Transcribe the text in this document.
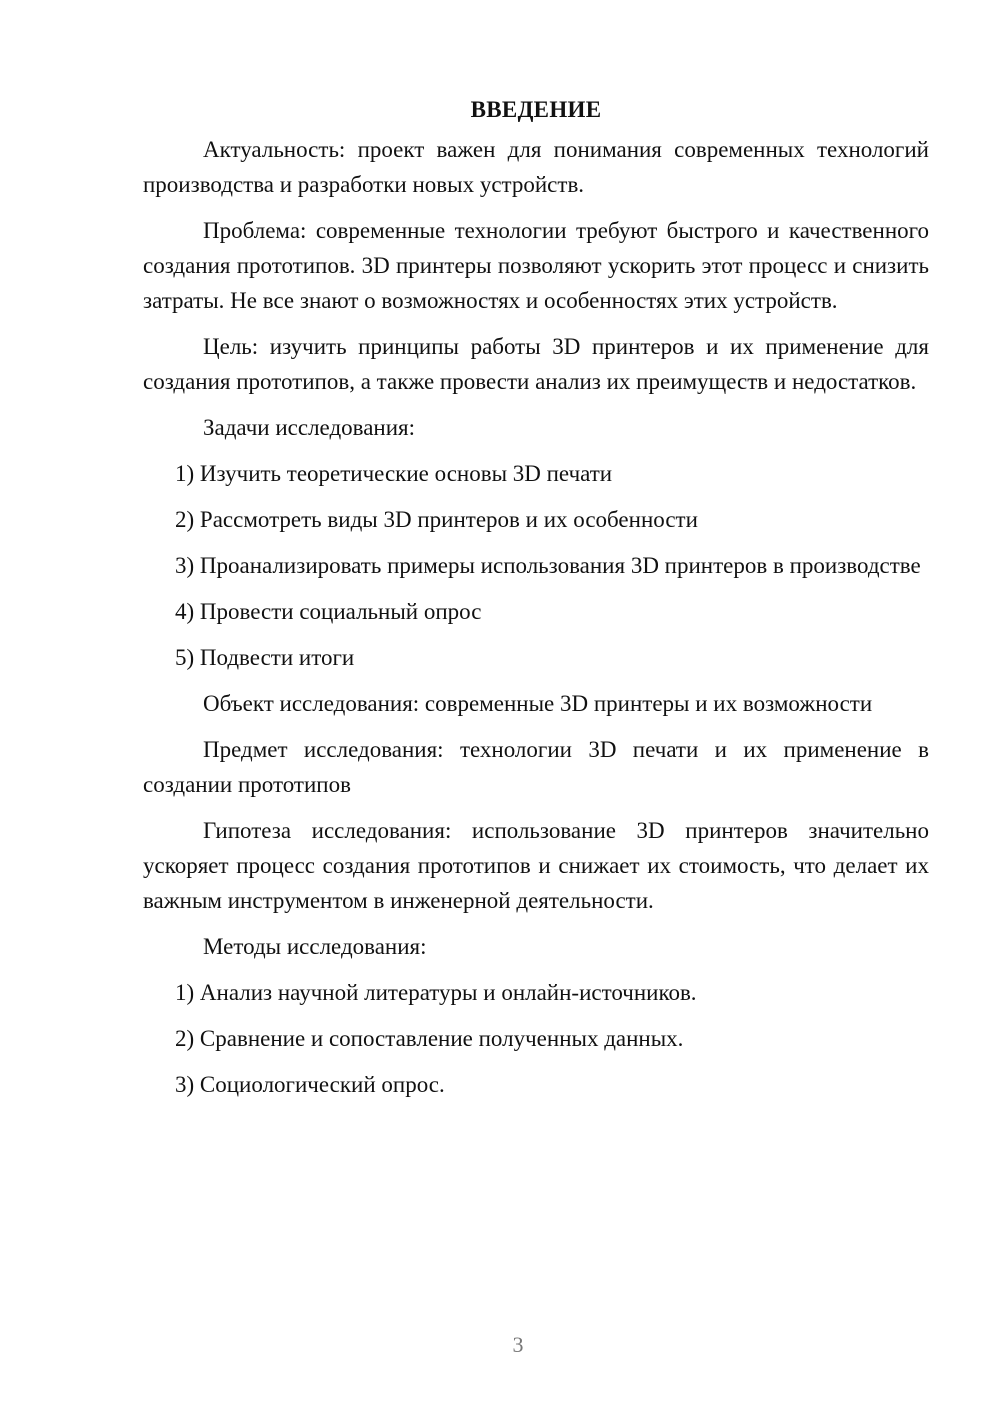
ВВЕДЕНИЕ

Актуальность: проект важен для понимания современных технологий производства и разработки новых устройств.

Проблема: современные технологии требуют быстрого и качественного создания прототипов. 3D принтеры позволяют ускорить этот процесс и снизить затраты. Не все знают о возможностях и особенностях этих устройств.

Цель: изучить принципы работы 3D принтеров и их применение для создания прототипов, а также провести анализ их преимуществ и недостатков.

Задачи исследования:

1) Изучить теоретические основы 3D печати

2) Рассмотреть виды 3D принтеров и их особенности

3) Проанализировать примеры использования 3D принтеров в производстве

4) Провести социальный опрос

5) Подвести итоги

Объект исследования: современные 3D принтеры и их возможности

Предмет исследования: технологии 3D печати и их применение в создании прототипов

Гипотеза исследования: использование 3D принтеров значительно ускоряет процесс создания прототипов и снижает их стоимость, что делает их важным инструментом в инженерной деятельности.

Методы исследования:

1) Анализ научной литературы и онлайн-источников.

2) Сравнение и сопоставление полученных данных.

3) Социологический опрос.

3
